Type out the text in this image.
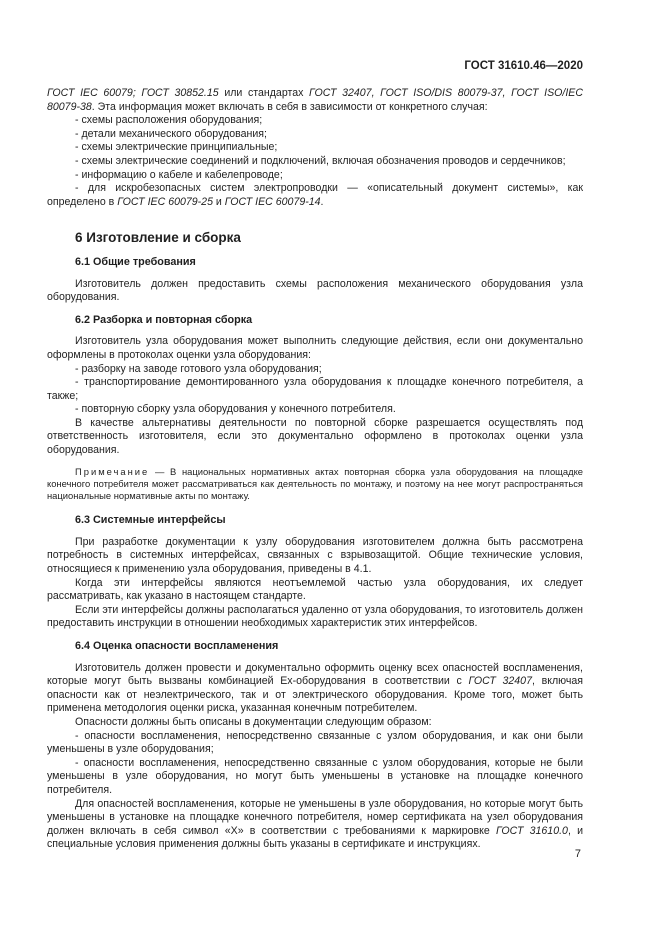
ГОСТ 31610.46—2020

ГОСТ IEC 60079; ГОСТ 30852.15 или стандартах ГОСТ 32407, ГОСТ ISO/DIS 80079-37, ГОСТ ISO/IEC 80079-38. Эта информация может включать в себя в зависимости от конкретного случая:

- схемы расположения оборудования;

- детали механического оборудования;

- схемы электрические принципиальные;

- схемы электрические соединений и подключений, включая обозначения проводов и сердечников;

- информацию о кабеле и кабелепроводе;

- для искробезопасных систем электропроводки — «описательный документ системы», как определено в ГОСТ IEC 60079-25 и ГОСТ IEC 60079-14.

6 Изготовление и сборка

6.1 Общие требования

Изготовитель должен предоставить схемы расположения механического оборудования узла оборудования.

6.2 Разборка и повторная сборка

Изготовитель узла оборудования может выполнить следующие действия, если они документально оформлены в протоколах оценки узла оборудования:

- разборку на заводе готового узла оборудования;

- транспортирование демонтированного узла оборудования к площадке конечного потребителя, а также;

- повторную сборку узла оборудования у конечного потребителя.

В качестве альтернативы деятельности по повторной сборке разрешается осуществлять под ответственность изготовителя, если это документально оформлено в протоколах оценки узла оборудования.

Примечание — В национальных нормативных актах повторная сборка узла оборудования на площадке конечного потребителя может рассматриваться как деятельность по монтажу, и поэтому на нее могут распространяться национальные нормативные акты по монтажу.

6.3 Системные интерфейсы

При разработке документации к узлу оборудования изготовителем должна быть рассмотрена потребность в системных интерфейсах, связанных с взрывозащитой. Общие технические условия, относящиеся к применению узла оборудования, приведены в 4.1.

Когда эти интерфейсы являются неотъемлемой частью узла оборудования, их следует рассматривать, как указано в настоящем стандарте.

Если эти интерфейсы должны располагаться удаленно от узла оборудования, то изготовитель должен предоставить инструкции в отношении необходимых характеристик этих интерфейсов.

6.4 Оценка опасности воспламенения

Изготовитель должен провести и документально оформить оценку всех опасностей воспламенения, которые могут быть вызваны комбинацией Ex-оборудования в соответствии с ГОСТ 32407, включая опасности как от неэлектрического, так и от электрического оборудования. Кроме того, может быть применена методология оценки риска, указанная конечным потребителем.

Опасности должны быть описаны в документации следующим образом:

- опасности воспламенения, непосредственно связанные с узлом оборудования, и как они были уменьшены в узле оборудования;

- опасности воспламенения, непосредственно связанные с узлом оборудования, которые не были уменьшены в узле оборудования, но могут быть уменьшены в установке на площадке конечного потребителя.

Для опасностей воспламенения, которые не уменьшены в узле оборудования, но которые могут быть уменьшены в установке на площадке конечного потребителя, номер сертификата на узел оборудования должен включать в себя символ «X» в соответствии с требованиями к маркировке ГОСТ 31610.0, и специальные условия применения должны быть указаны в сертификате и инструкциях.

7
